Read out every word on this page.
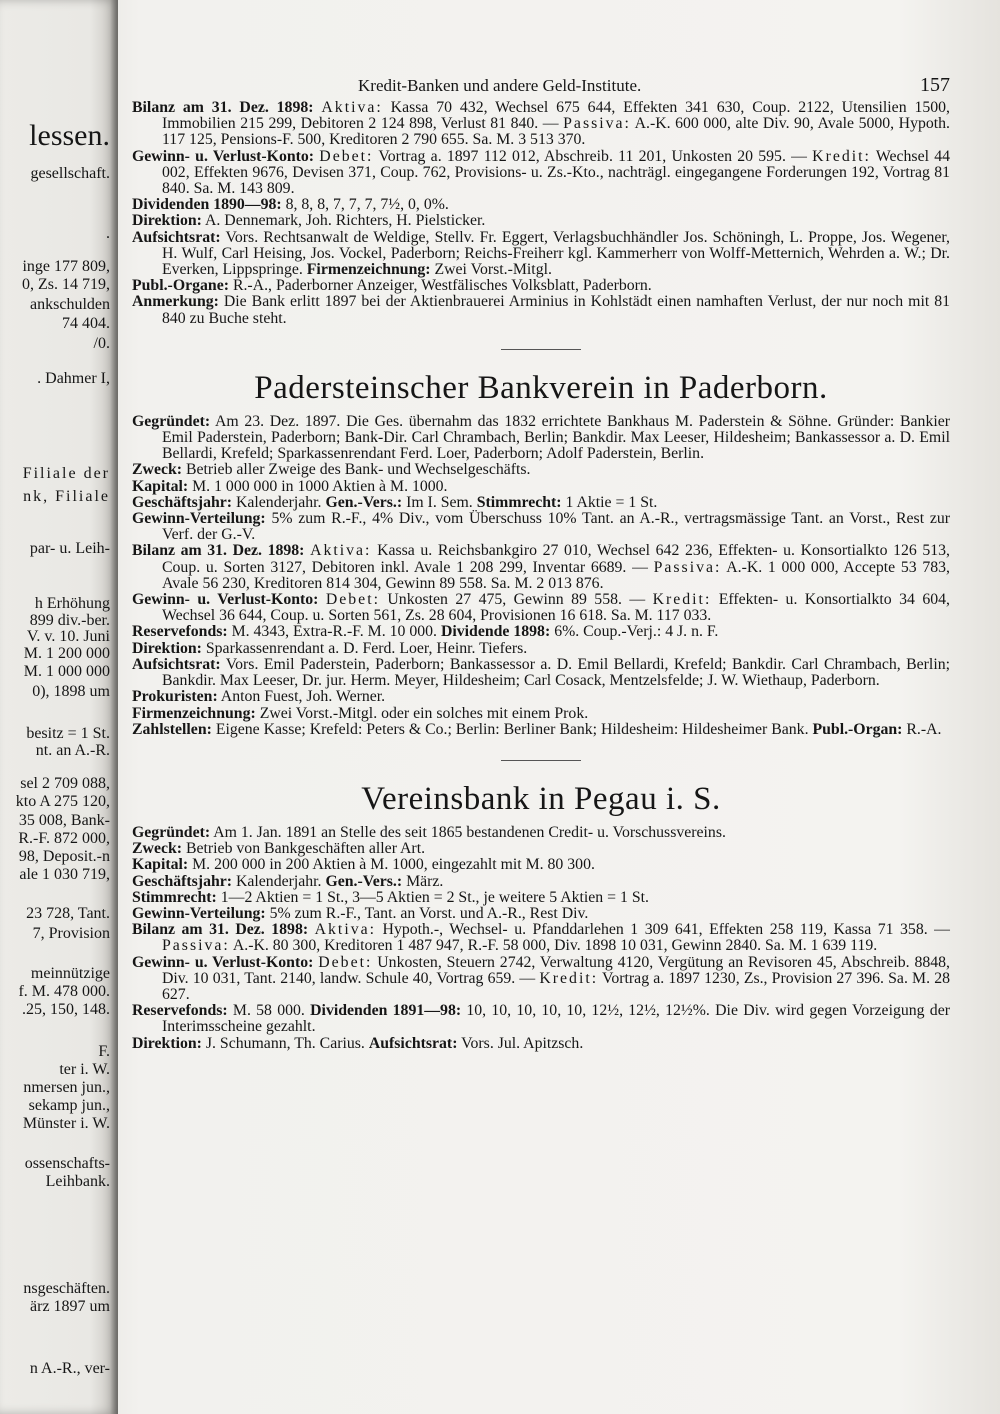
lessen.
gesellschaft.
.
inge 177 809,
0, Zs. 14 719,
ankschulden
74 404.
/0.
. Dahmer I,
Filiale der
nk, Filiale
par- u. Leih-
h Erhöhung
899 div.-ber.
V. v. 10. Juni
M. 1 200 000
M. 1 000 000
0), 1898 um
besitz = 1 St.
nt. an A.-R.
sel 2 709 088,
kto A 275 120,
35 008, Bank-
R.-F. 872 000,
98, Deposit.-n
ale 1 030 719,
23 728, Tant.
7, Provision
meinnützige
f. M. 478 000.
.25, 150, 148.
F.
ter i. W.
nmersen jun.,
sekamp jun.,
Münster i. W.
ossenschafts-
Leihbank.
nsgeschäften.
ärz 1897 um
n A.-R., ver-
Kredit-Banken und andere Geld-Institute.	157

Bilanz am 31. Dez. 1898: Aktiva: Kassa 70 432, Wechsel 675 644, Effekten 341 630, Coup. 2122, Utensilien 1500, Immobilien 215 299, Debitoren 2 124 898, Verlust 81 840. — Passiva: A.-K. 600 000, alte Div. 90, Avale 5000, Hypoth. 117 125, Pensions-F. 500, Kreditoren 2 790 655. Sa. M. 3 513 370.

Gewinn- u. Verlust-Konto: Debet: Vortrag a. 1897 112 012, Abschreib. 11 201, Unkosten 20 595. — Kredit: Wechsel 44 002, Effekten 9676, Devisen 371, Coup. 762, Provisions- u. Zs.-Kto., nachträgl. eingegangene Forderungen 192, Vortrag 81 840. Sa. M. 143 809.

Dividenden 1890—98: 8, 8, 8, 7, 7, 7, 7½, 0, 0%.

Direktion: A. Dennemark, Joh. Richters, H. Pielsticker.

Aufsichtsrat: Vors. Rechtsanwalt de Weldige, Stellv. Fr. Eggert, Verlagsbuchhändler Jos. Schöningh, L. Proppe, Jos. Wegener, H. Wulf, Carl Heising, Jos. Vockel, Paderborn; Reichs-Freiherr kgl. Kammerherr von Wolff-Metternich, Wehrden a. W.; Dr. Everken, Lippspringe. Firmenzeichnung: Zwei Vorst.-Mitgl.

Publ.-Organe: R.-A., Paderborner Anzeiger, Westfälisches Volksblatt, Paderborn.

Anmerkung: Die Bank erlitt 1897 bei der Aktienbrauerei Arminius in Kohlstädt einen namhaften Verlust, der nur noch mit 81 840 zu Buche steht.

Padersteinscher Bankverein in Paderborn.

Gegründet: Am 23. Dez. 1897. Die Ges. übernahm das 1832 errichtete Bankhaus M. Paderstein & Söhne. Gründer: Bankier Emil Paderstein, Paderborn; Bank-Dir. Carl Chrambach, Berlin; Bankdir. Max Leeser, Hildesheim; Bankassessor a. D. Emil Bellardi, Krefeld; Sparkassenrendant Ferd. Loer, Paderborn; Adolf Paderstein, Berlin.

Zweck: Betrieb aller Zweige des Bank- und Wechselgeschäfts.

Kapital: M. 1 000 000 in 1000 Aktien à M. 1000.

Geschäftsjahr: Kalenderjahr. Gen.-Vers.: Im I. Sem. Stimmrecht: 1 Aktie = 1 St.

Gewinn-Verteilung: 5% zum R.-F., 4% Div., vom Überschuss 10% Tant. an A.-R., vertragsmässige Tant. an Vorst., Rest zur Verf. der G.-V.

Bilanz am 31. Dez. 1898: Aktiva: Kassa u. Reichsbankgiro 27 010, Wechsel 642 236, Effekten- u. Konsortialkto 126 513, Coup. u. Sorten 3127, Debitoren inkl. Avale 1 208 299, Inventar 6689. — Passiva: A.-K. 1 000 000, Accepte 53 783, Avale 56 230, Kreditoren 814 304, Gewinn 89 558. Sa. M. 2 013 876.

Gewinn- u. Verlust-Konto: Debet: Unkosten 27 475, Gewinn 89 558. — Kredit: Effekten- u. Konsortialkto 34 604, Wechsel 36 644, Coup. u. Sorten 561, Zs. 28 604, Provisionen 16 618. Sa. M. 117 033.

Reservefonds: M. 4343, Extra-R.-F. M. 10 000. Dividende 1898: 6%. Coup.-Verj.: 4 J. n. F.

Direktion: Sparkassenrendant a. D. Ferd. Loer, Heinr. Tiefers.

Aufsichtsrat: Vors. Emil Paderstein, Paderborn; Bankassessor a. D. Emil Bellardi, Krefeld; Bankdir. Carl Chrambach, Berlin; Bankdir. Max Leeser, Dr. jur. Herm. Meyer, Hildesheim; Carl Cosack, Mentzelsfelde; J. W. Wiethaup, Paderborn.

Prokuristen: Anton Fuest, Joh. Werner.

Firmenzeichnung: Zwei Vorst.-Mitgl. oder ein solches mit einem Prok.

Zahlstellen: Eigene Kasse; Krefeld: Peters & Co.; Berlin: Berliner Bank; Hildesheim: Hildesheimer Bank. Publ.-Organ: R.-A.

Vereinsbank in Pegau i. S.

Gegründet: Am 1. Jan. 1891 an Stelle des seit 1865 bestandenen Credit- u. Vorschussvereins.

Zweck: Betrieb von Bankgeschäften aller Art.

Kapital: M. 200 000 in 200 Aktien à M. 1000, eingezahlt mit M. 80 300.

Geschäftsjahr: Kalenderjahr. Gen.-Vers.: März.

Stimmrecht: 1—2 Aktien = 1 St., 3—5 Aktien = 2 St., je weitere 5 Aktien = 1 St.

Gewinn-Verteilung: 5% zum R.-F., Tant. an Vorst. und A.-R., Rest Div.

Bilanz am 31. Dez. 1898: Aktiva: Hypoth.-, Wechsel- u. Pfanddarlehen 1 309 641, Effekten 258 119, Kassa 71 358. — Passiva: A.-K. 80 300, Kreditoren 1 487 947, R.-F. 58 000, Div. 1898 10 031, Gewinn 2840. Sa. M. 1 639 119.

Gewinn- u. Verlust-Konto: Debet: Unkosten, Steuern 2742, Verwaltung 4120, Vergütung an Revisoren 45, Abschreib. 8848, Div. 10 031, Tant. 2140, landw. Schule 40, Vortrag 659. — Kredit: Vortrag a. 1897 1230, Zs., Provision 27 396. Sa. M. 28 627.

Reservefonds: M. 58 000. Dividenden 1891—98: 10, 10, 10, 10, 10, 12½, 12½, 12½%. Die Div. wird gegen Vorzeigung der Interimsscheine gezahlt.

Direktion: J. Schumann, Th. Carius. Aufsichtsrat: Vors. Jul. Apitzsch.
